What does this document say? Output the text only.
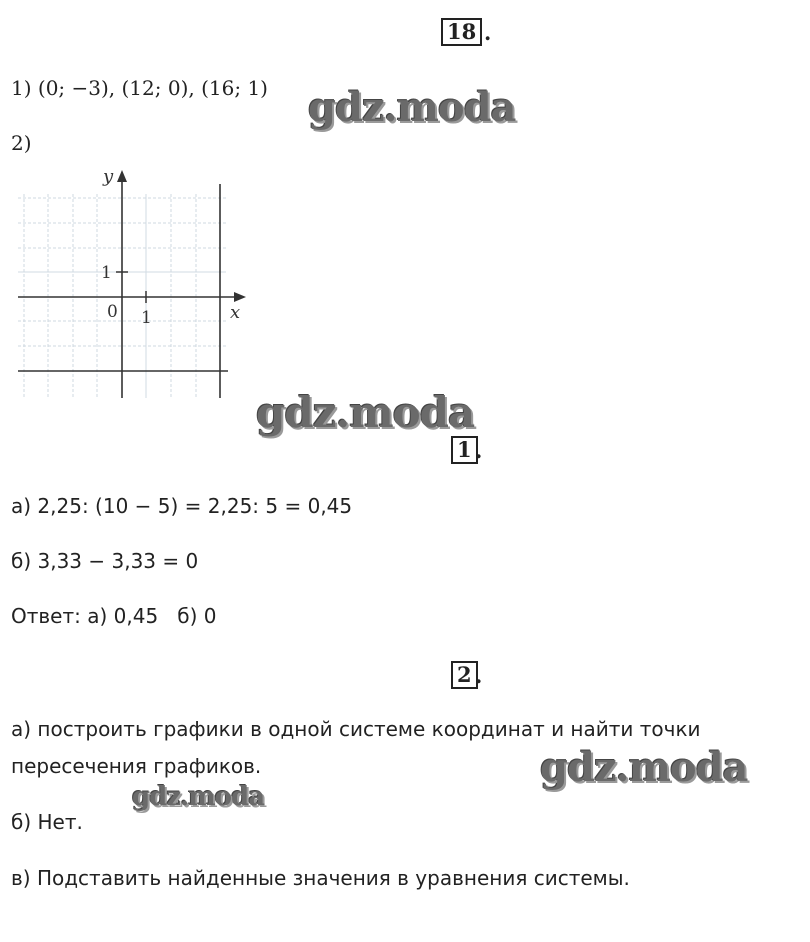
18 .
1) (0; −3), (12; 0), (16; 1) gdz.moda
2)
y
x
0 1
1
gdz.moda
1 .
а) 2,25: (10 − 5) = 2,25: 5 = 0,45
б) 3,33 − 3,33 = 0
Ответ: а) 0,45   б) 0
2 .
а) построить графики в одной системе координат и найти точки
пересечения графиков.	gdz.moda
gdz.moda
б) Нет.
в) Подставить найденные значения в уравнения системы.
